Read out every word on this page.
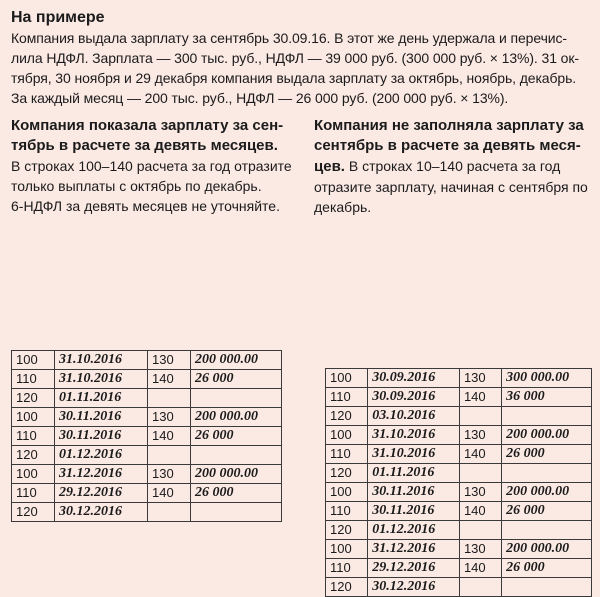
На примере

Компания выдала зарплату за сентябрь 30.09.16. В этот же день удержала и перечис-

лила НДФЛ. Зарплата — 300 тыс. руб., НДФЛ — 39 000 руб. (300 000 руб. × 13%). 31 ок-

тября, 30 ноября и 29 декабря компания выдала зарплату за октябрь, ноябрь, декабрь.

За каждый месяц — 200 тыс. руб., НДФЛ — 26 000 руб. (200 000 руб. × 13%).

Компания показала зарплату за сен-

тябрь в расчете за девять месяцев.

В строках 100–140 расчета за год отразите
только выплаты с октябрь по декабрь.
6-НДФЛ за девять месяцев не уточняйте.

Компания не заполняла зарплату за

сентябрь в расчете за девять меся-

цев. В строках 10–140 расчета за год
отразите зарплату, начиная с сентября по
декабрь.
100	31.10.2016	130	200 000.00
110	31.10.2016	140	26 000
120	01.11.2016		
100	30.11.2016	130	200 000.00
110	30.11.2016	140	26 000
120	01.12.2016		
100	31.12.2016	130	200 000.00
110	29.12.2016	140	26 000
120	30.12.2016		
100	30.09.2016	130	300 000.00
110	30.09.2016	140	36 000
120	03.10.2016		
100	31.10.2016	130	200 000.00
110	31.10.2016	140	26 000
120	01.11.2016		
100	30.11.2016	130	200 000.00
110	30.11.2016	140	26 000
120	01.12.2016		
100	31.12.2016	130	200 000.00
110	29.12.2016	140	26 000
120	30.12.2016		
